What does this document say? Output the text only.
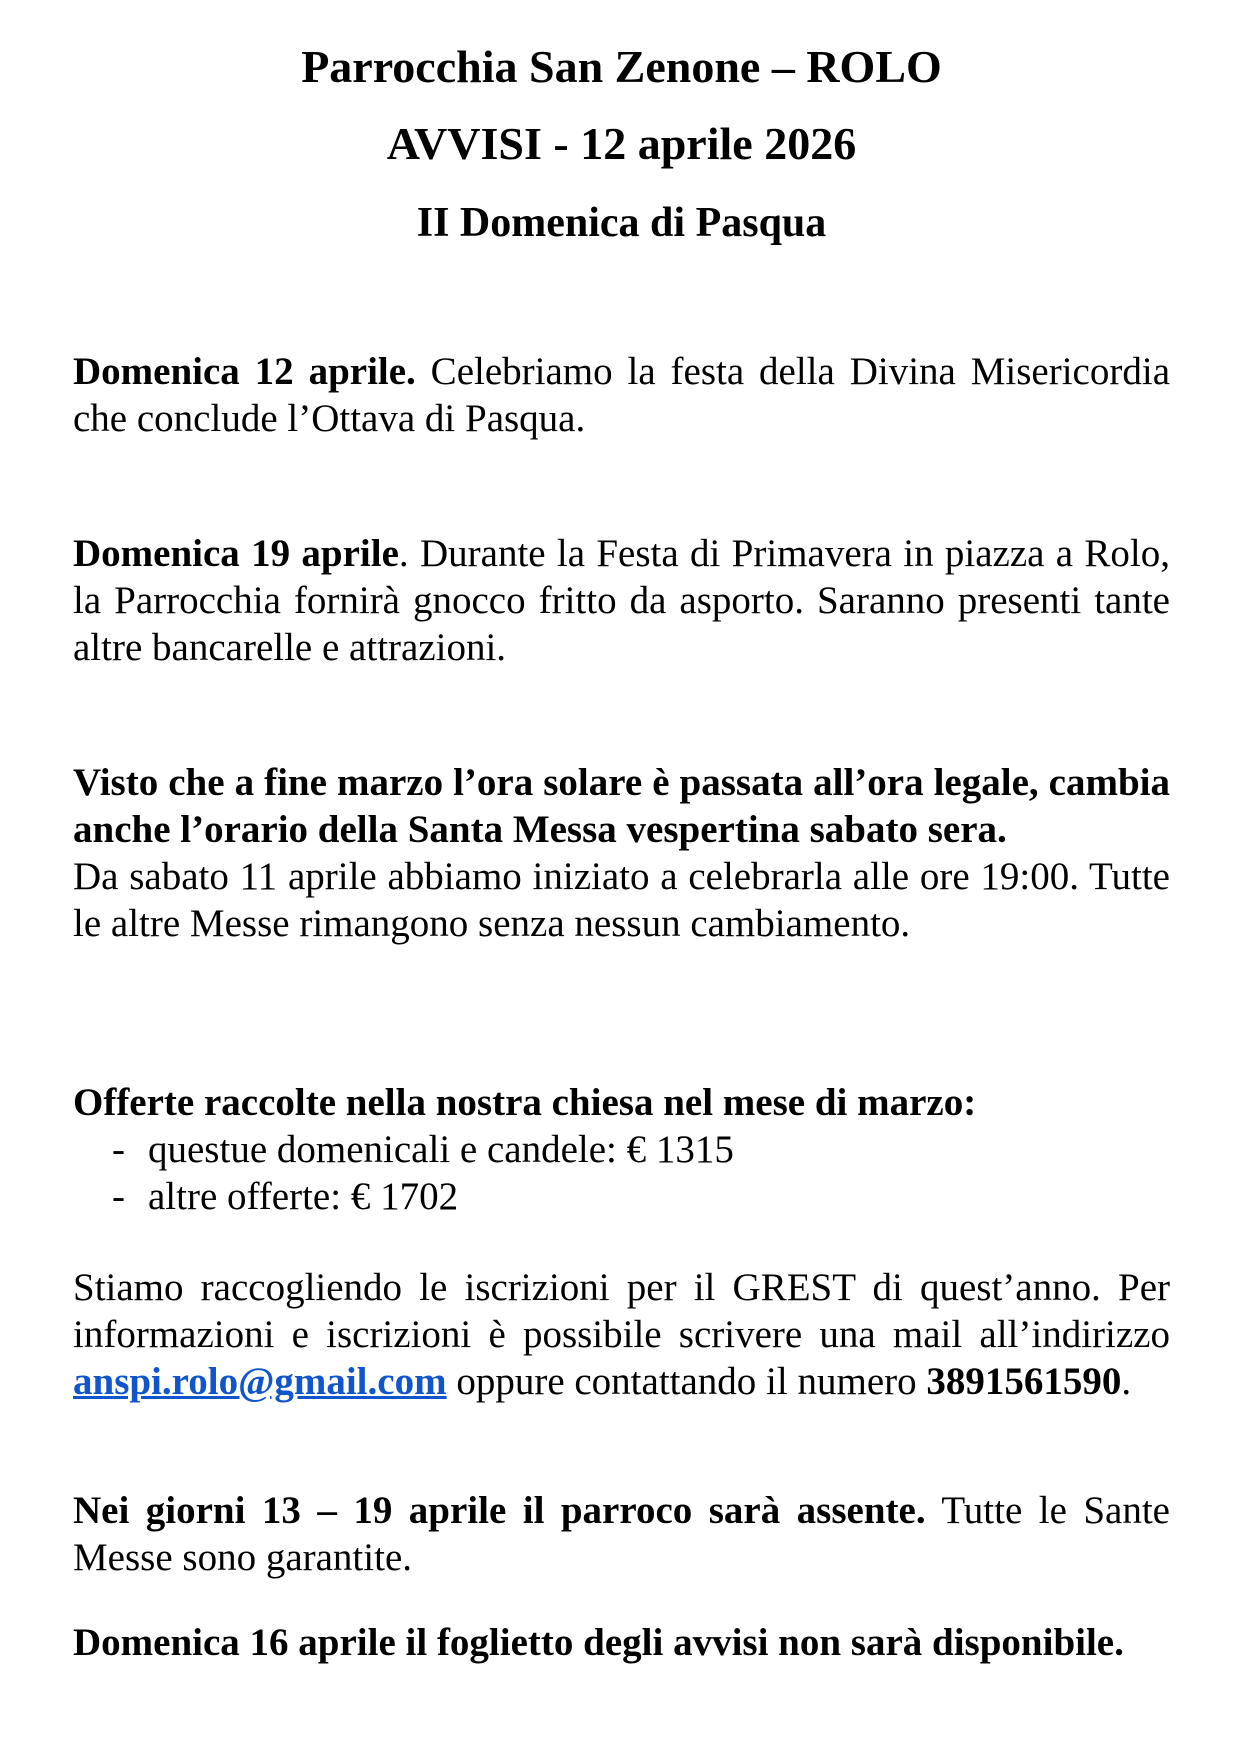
Parrocchia San Zenone – ROLO
AVVISI - 12 aprile 2026
II Domenica di Pasqua

Domenica 12 aprile. Celebriamo la festa della Divina Misericordia che conclude l’Ottava di Pasqua.

Domenica 19 aprile. Durante la Festa di Primavera in piazza a Rolo, la Parrocchia fornirà gnocco fritto da asporto. Saranno presenti tante altre bancarelle e attrazioni.

Visto che a fine marzo l’ora solare è passata all’ora legale, cambia anche l’orario della Santa Messa vespertina sabato sera.

Da sabato 11 aprile abbiamo iniziato a celebrarla alle ore 19:00. Tutte le altre Messe rimangono senza nessun cambiamento.

Offerte raccolte nella nostra chiesa nel mese di marzo:

- questue domenicali e candele: € 1315

- altre offerte: € 1702

Stiamo raccogliendo le iscrizioni per il GREST di quest’anno. Per informazioni e iscrizioni è possibile scrivere una mail all’indirizzo anspi.rolo@gmail.com oppure contattando il numero 3891561590.

Nei giorni 13 – 19 aprile il parroco sarà assente. Tutte le Sante Messe sono garantite.

Domenica 16 aprile il foglietto degli avvisi non sarà disponibile.
